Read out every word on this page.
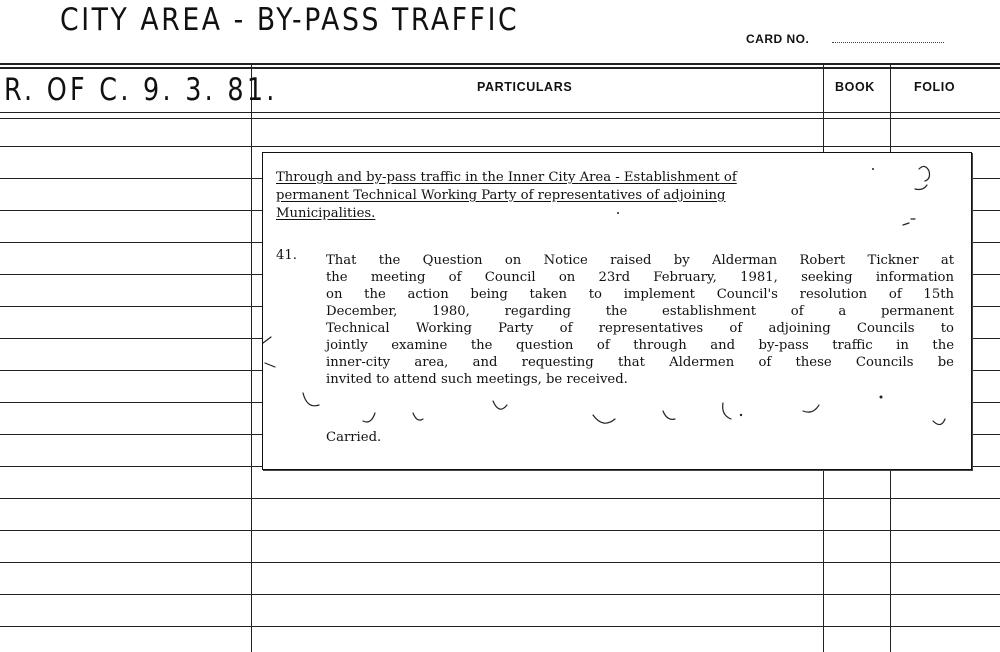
CITY AREA - BY-PASS TRAFFIC
CARD NO.
PARTICULARS	BOOK	FOLIO
R. OF C. 9. 3. 81.
Through and by-pass traffic in the Inner City Area - Establishment of
permanent Technical Working Party of representatives of adjoining
Municipalities.
41. That the Question on Notice raised by Alderman Robert Tickner at
the meeting of Council on 23rd February, 1981, seeking information
on the action being taken to implement Council's resolution of 15th
December, 1980, regarding the establishment of a permanent
Technical Working Party of representatives of adjoining Councils to
jointly examine the question of through and by-pass traffic in the
inner-city area, and requesting that Aldermen of these Councils be
invited to attend such meetings, be received.
Carried.
